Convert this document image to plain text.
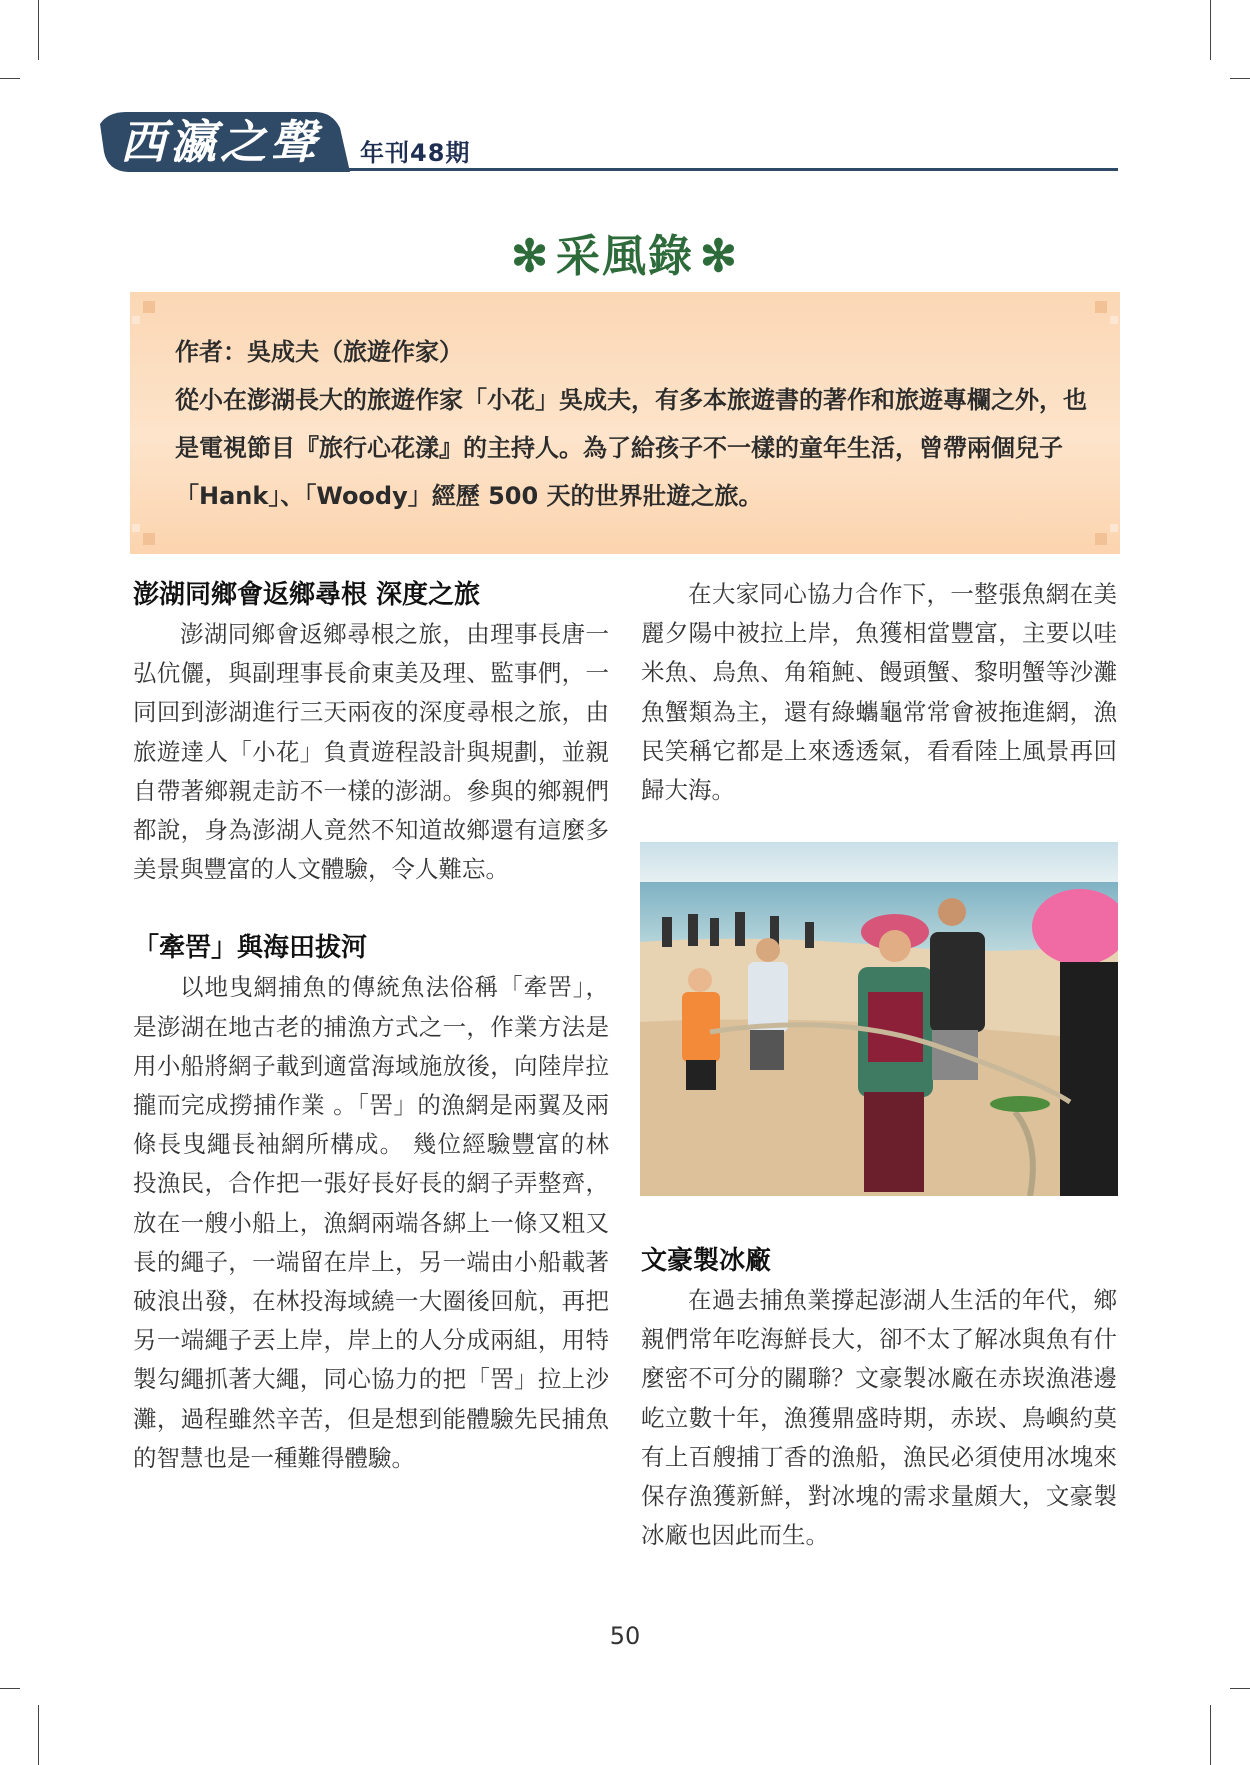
西瀛之聲 年刊48期
✻ 采風錄 ✻

作者：吳成夫（旅遊作家）

從小在澎湖長大的旅遊作家「小花」吳成夫，有多本旅遊書的著作和旅遊專欄之外，也是電視節目『旅行心花漾』的主持人。為了給孩子不一樣的童年生活，曾帶兩個兒子「Hank」、「Woody」經歷 500 天的世界壯遊之旅。

澎湖同鄉會返鄉尋根 深度之旅

澎湖同鄉會返鄉尋根之旅，由理事長唐一弘伉儷，與副理事長俞東美及理、監事們，一同回到澎湖進行三天兩夜的深度尋根之旅，由旅遊達人「小花」負責遊程設計與規劃，並親自帶著鄉親走訪不一樣的澎湖。參與的鄉親們都說，身為澎湖人竟然不知道故鄉還有這麼多美景與豐富的人文體驗，令人難忘。

「牽罟」與海田拔河

以地曳網捕魚的傳統魚法俗稱「牽罟」，是澎湖在地古老的捕漁方式之一，作業方法是用小船將網子載到適當海域施放後，向陸岸拉攏而完成撈捕作業 。「罟」的漁網是兩翼及兩條長曳繩長袖網所構成。 幾位經驗豐富的林投漁民，合作把一張好長好長的網子弄整齊，放在一艘小船上，漁網兩端各綁上一條又粗又長的繩子，一端留在岸上，另一端由小船載著破浪出發，在林投海域繞一大圈後回航，再把另一端繩子丟上岸，岸上的人分成兩組，用特製勾繩抓著大繩，同心協力的把「罟」拉上沙灘，過程雖然辛苦，但是想到能體驗先民捕魚的智慧也是一種難得體驗。

在大家同心協力合作下，一整張魚網在美麗夕陽中被拉上岸，魚獲相當豐富，主要以哇米魚、烏魚、角箱魨、饅頭蟹、黎明蟹等沙灘魚蟹類為主，還有綠蠵龜常常會被拖進網，漁民笑稱它都是上來透透氣，看看陸上風景再回歸大海。

文豪製冰廠

在過去捕魚業撐起澎湖人生活的年代，鄉親們常年吃海鮮長大，卻不太了解冰與魚有什麼密不可分的關聯？文豪製冰廠在赤崁漁港邊屹立數十年，漁獲鼎盛時期，赤崁、鳥嶼約莫有上百艘捕丁香的漁船，漁民必須使用冰塊來保存漁獲新鮮，對冰塊的需求量頗大，文豪製冰廠也因此而生。

50
